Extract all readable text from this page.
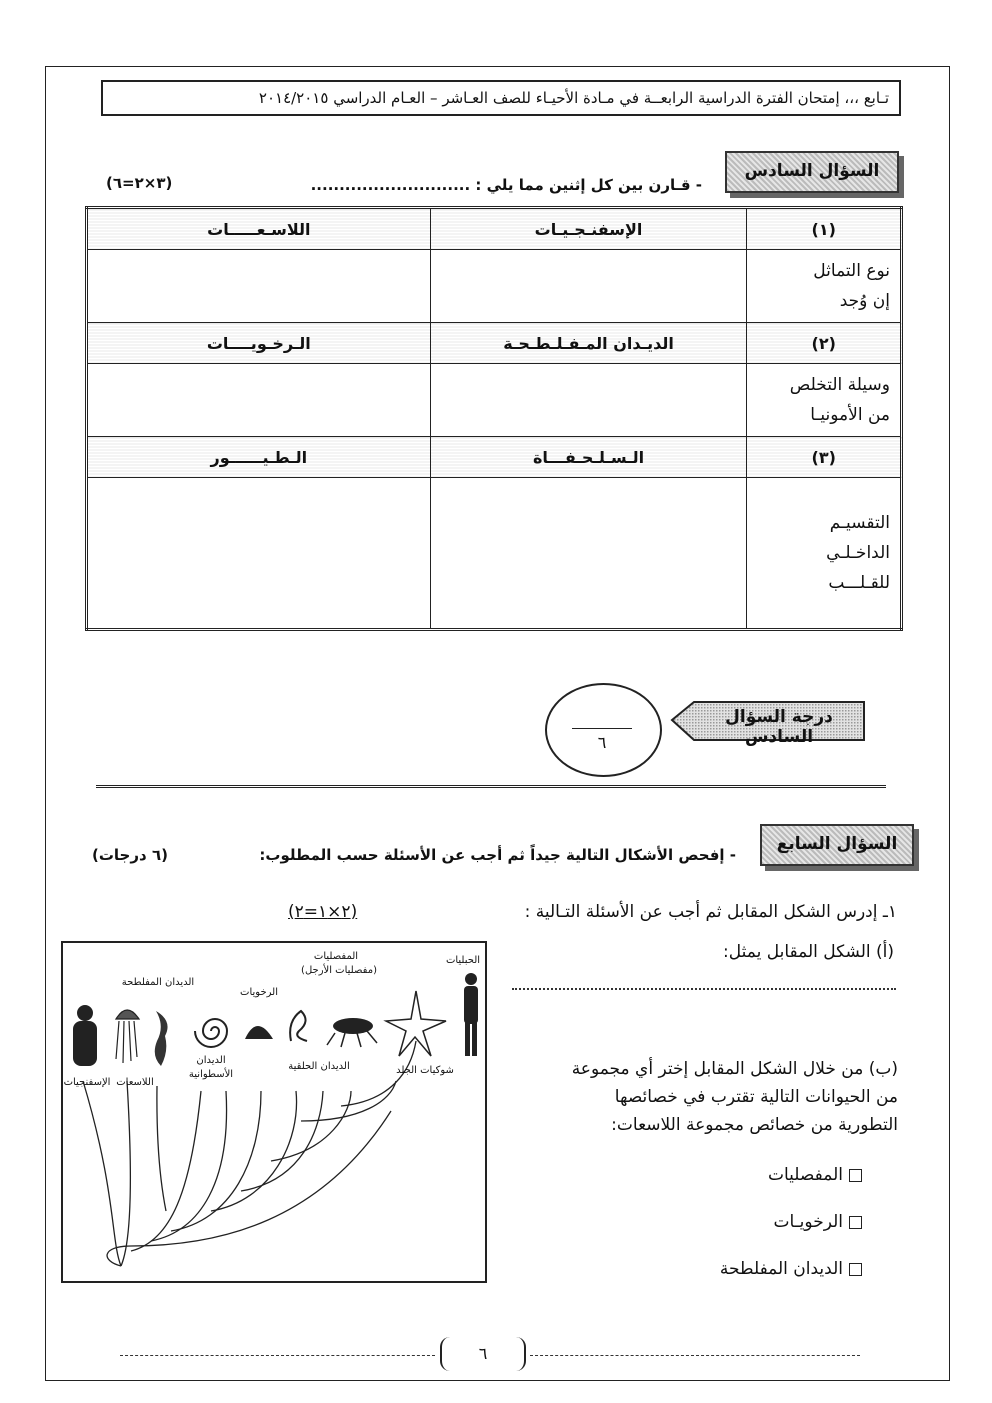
تـابع ،،، إمتحان الفترة الدراسية الرابعــة في مـادة الأحيـاء للصف العـاشر – العـام الدراسي ٢٠١٤/٢٠١٥
السؤال السادس
- قـارن بين كل إثنين مما يلي : ............................
(٣×٢=٦)
اللاسـعـــــات	الإسفنـجـيـات	(١)

		نوع التماثل
إن وُجد

الـرخـويــــات	الديـدان المـفـلـطـحـة	(٢)

		وسيلة التخلص
من الأمونيـا

الـطـيــــــور	الـسـلـحـفـــاة	(٣)

		التقسيـم
الداخـلـي
للقـلـــب
درجة السؤال السادس
٦
السؤال السابع
- إفحص الأشكال التالية جيداً ثم أجب عن الأسئلة حسب المطلوب:
(٦ درجات)
١ـ إدرس الشكل المقابل ثم أجب عن الأسئلة التـالية :
(٢×١=٢)
(أ) الشكل المقابل يمثل:
(ب) من خلال الشكل المقابل إختر أي مجموعة
من الحيوانات التالية تقترب في خصائصها
التطورية من خصائص مجموعة اللاسعات:
المفصليات
الرخويـات
الديدان المفلطحة
الحبليات
المفصليات
(مفصليات الأرجل)
شوكيات الجلد
الرخويات
الديدان الحلقية
الديدان المفلطحة
الديدان
الأسطوانية
اللاسعات
الإسفنجيات
٦
